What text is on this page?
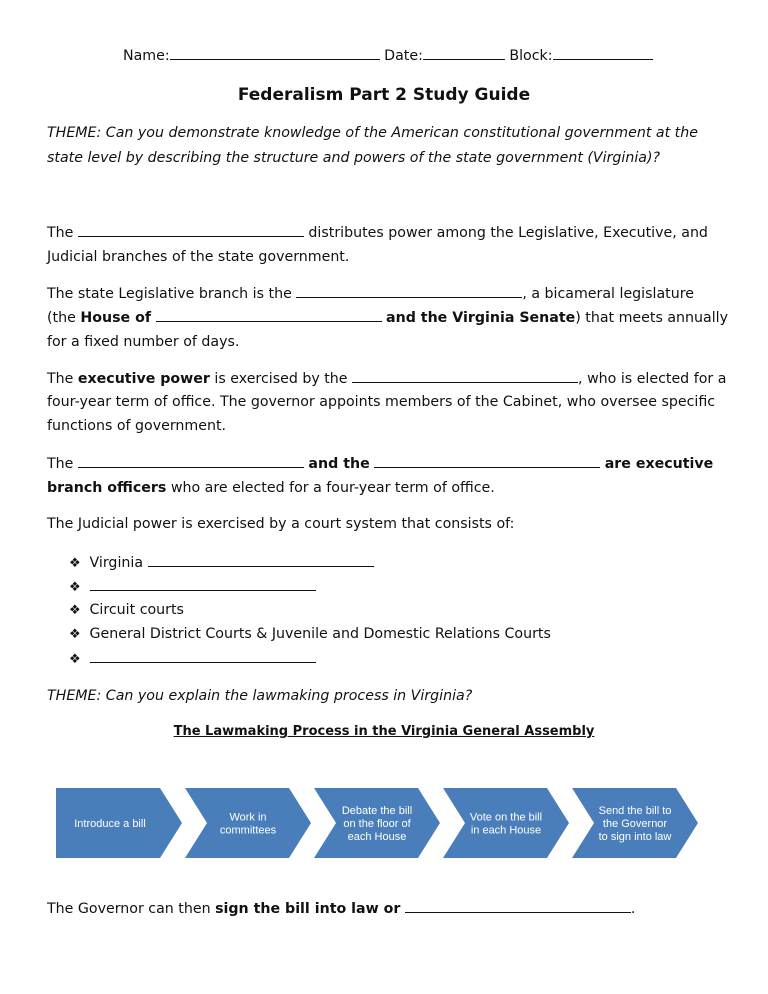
Name:	Date:	Block:
Federalism Part 2 Study Guide
THEME: Can you demonstrate knowledge of the American constitutional government at the
state level by describing the structure and powers of the state government (Virginia)?
The	distributes power among the Legislative, Executive, and
Judicial branches of the state government.
The state Legislative branch is the	, a bicameral legislature
(the House of	and the Virginia Senate) that meets annually
for a fixed number of days.
The executive power is exercised by the	, who is elected for a
four-year term of office. The governor appoints members of the Cabinet, who oversee specific
functions of government.
The	and the	are executive
branch officers who are elected for a four-year term of office.
The Judicial power is exercised by a court system that consists of:
❖ Virginia
❖
❖ Circuit courts
❖ General District Courts & Juvenile and Domestic Relations Courts
❖
THEME: Can you explain the lawmaking process in Virginia?
The Lawmaking Process in the Virginia General Assembly
Introduce a bill
Work in
committees
Debate the bill
on the floor of
each House
Vote on the bill
in each House
Send the bill to
the Governor
to sign into law
The Governor can then sign the bill into law or	.
